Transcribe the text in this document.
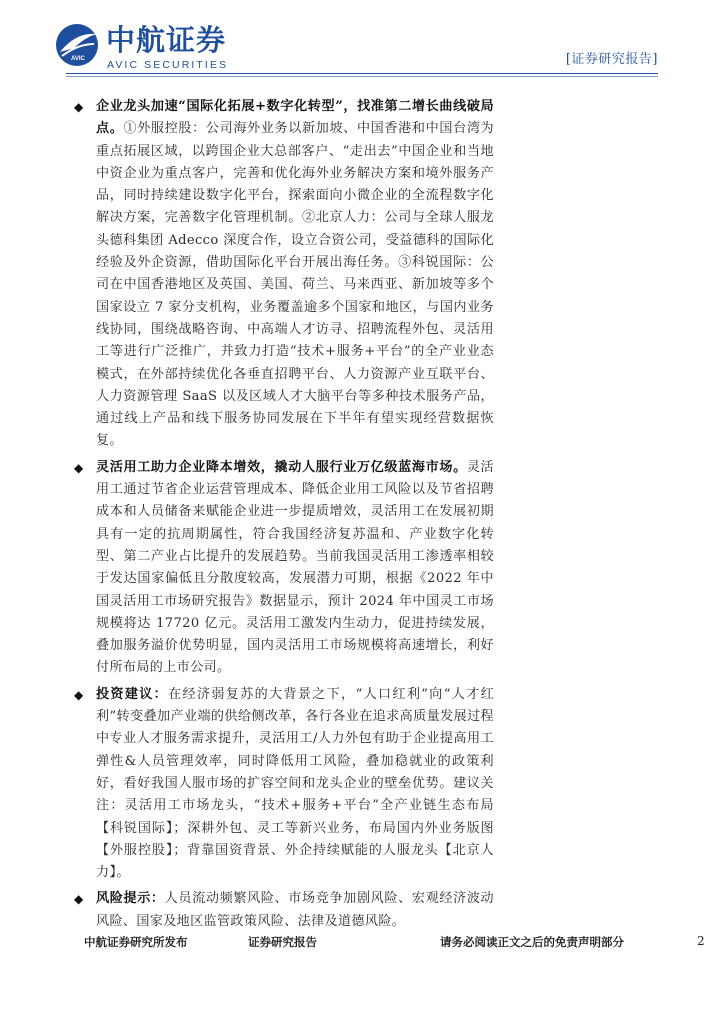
AVIC
中航证券
AVIC SECURITIES	[证券研究报告]

◆ 企业龙头加速“国际化拓展+数字化转型”，找准第二增长曲线破局点。①外服控股：公司海外业务以新加坡、中国香港和中国台湾为重点拓展区域，以跨国企业大总部客户、“走出去”中国企业和当地中资企业为重点客户，完善和优化海外业务解决方案和境外服务产品，同时持续建设数字化平台，探索面向小微企业的全流程数字化解决方案，完善数字化管理机制。②北京人力：公司与全球人服龙头德科集团 Adecco 深度合作，设立合资公司，受益德科的国际化经验及外企资源，借助国际化平台开展出海任务。③科锐国际：公司在中国香港地区及英国、美国、荷兰、马来西亚、新加坡等多个国家设立 7 家分支机构，业务覆盖逾多个国家和地区，与国内业务线协同，围绕战略咨询、中高端人才访寻、招聘流程外包、灵活用工等进行广泛推广，并致力打造“技术+服务+平台”的全产业业态模式，在外部持续优化各垂直招聘平台、人力资源产业互联平台、人力资源管理 SaaS 以及区域人才大脑平台等多种技术服务产品，通过线上产品和线下服务协同发展在下半年有望实现经营数据恢复。

◆ 灵活用工助力企业降本增效，撬动人服行业万亿级蓝海市场。灵活用工通过节省企业运营管理成本、降低企业用工风险以及节省招聘成本和人员储备来赋能企业进一步提质增效，灵活用工在发展初期具有一定的抗周期属性，符合我国经济复苏温和、产业数字化转型、第二产业占比提升的发展趋势。当前我国灵活用工渗透率相较于发达国家偏低且分散度较高，发展潜力可期，根据《2022 年中国灵活用工市场研究报告》数据显示，预计 2024 年中国灵工市场规模将达 17720 亿元。灵活用工激发内生动力，促进持续发展，叠加服务溢价优势明显，国内灵活用工市场规模将高速增长，利好付所布局的上市公司。

◆ 投资建议：在经济弱复苏的大背景之下，“人口红利”向“人才红利”转变叠加产业端的供给侧改革，各行各业在追求高质量发展过程中专业人才服务需求提升，灵活用工/人力外包有助于企业提高用工弹性&人员管理效率，同时降低用工风险，叠加稳就业的政策利好，看好我国人服市场的扩容空间和龙头企业的壁垒优势。建议关注：灵活用工市场龙头，“技术+服务+平台”全产业链生态布局【科锐国际】；深耕外包、灵工等新兴业务，布局国内外业务版图【外服控股】；背靠国资背景、外企持续赋能的人服龙头【北京人力】。

◆ 风险提示：人员流动频繁风险、市场竞争加剧风险、宏观经济波动风险、国家及地区监管政策风险、法律及道德风险。

中航证券研究所发布	证券研究报告	请务必阅读正文之后的免责声明部分	2
